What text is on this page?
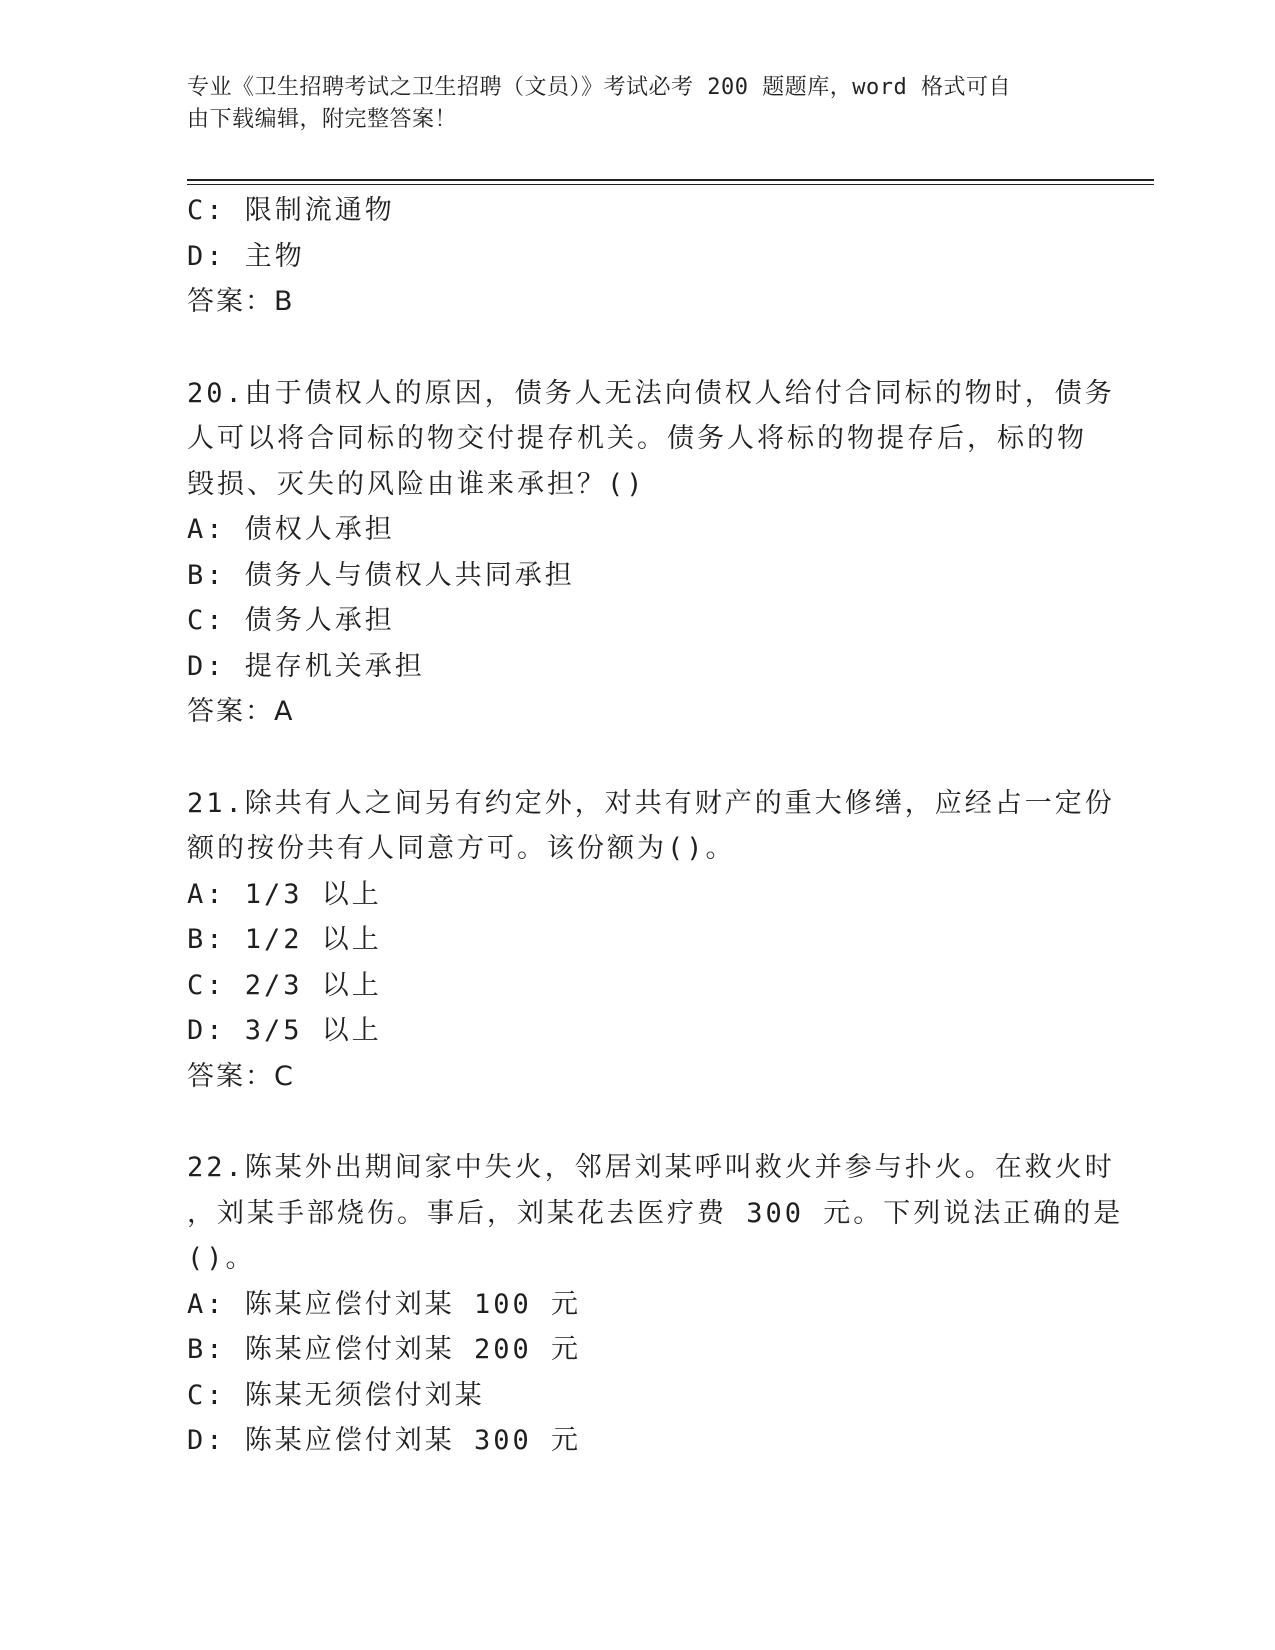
专业《卫生招聘考试之卫生招聘（文员）》考试必考 200 题题库，word 格式可自
由下载编辑，附完整答案！
C: 限制流通物
D: 主物
答案：B
20.由于债权人的原因，债务人无法向债权人给付合同标的物时，债务
人可以将合同标的物交付提存机关。债务人将标的物提存后，标的物
毁损、灭失的风险由谁来承担？()
A: 债权人承担
B: 债务人与债权人共同承担
C: 债务人承担
D: 提存机关承担
答案：A
21.除共有人之间另有约定外，对共有财产的重大修缮，应经占一定份
额的按份共有人同意方可。该份额为()。
A: 1/3 以上
B: 1/2 以上
C: 2/3 以上
D: 3/5 以上
答案：C
22.陈某外出期间家中失火，邻居刘某呼叫救火并参与扑火。在救火时
，刘某手部烧伤。事后，刘某花去医疗费 300 元。下列说法正确的是
()。
A: 陈某应偿付刘某 100 元
B: 陈某应偿付刘某 200 元
C: 陈某无须偿付刘某
D: 陈某应偿付刘某 300 元
